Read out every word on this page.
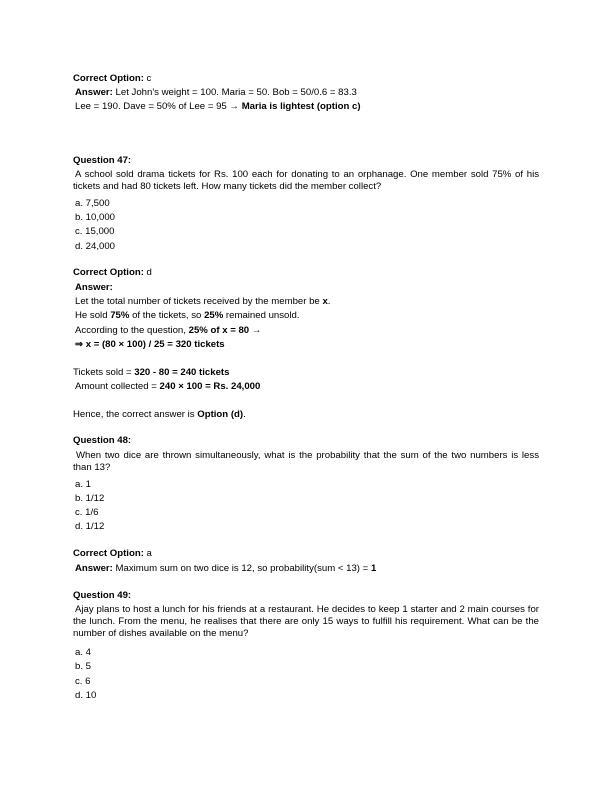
Correct Option: c
Answer: Let John's weight = 100. Maria = 50. Bob = 50/0.6 = 83.3
Lee = 190. Dave = 50% of Lee = 95 → Maria is lightest (option c)
Question 47:
A school sold drama tickets for Rs. 100 each for donating to an orphanage. One member sold 75% of his tickets and had 80 tickets left. How many tickets did the member collect?
a. 7,500
b. 10,000
c. 15,000
d. 24,000
Correct Option: d
Answer:
Let the total number of tickets received by the member be x.
He sold 75% of the tickets, so 25% remained unsold.
According to the question, 25% of x = 80 →
⇒ x = (80 × 100) / 25 = 320 tickets
Tickets sold = 320 - 80 = 240 tickets
Amount collected = 240 × 100 = Rs. 24,000
Hence, the correct answer is Option (d).
Question 48:
When two dice are thrown simultaneously, what is the probability that the sum of the two numbers is less than 13?
a. 1
b. 1/12
c. 1/6
d. 1/12
Correct Option: a
Answer: Maximum sum on two dice is 12, so probability(sum < 13) = 1
Question 49:
Ajay plans to host a lunch for his friends at a restaurant. He decides to keep 1 starter and 2 main courses for the lunch. From the menu, he realises that there are only 15 ways to fulfill his requirement. What can be the number of dishes available on the menu?
a. 4
b. 5
c. 6
d. 10
